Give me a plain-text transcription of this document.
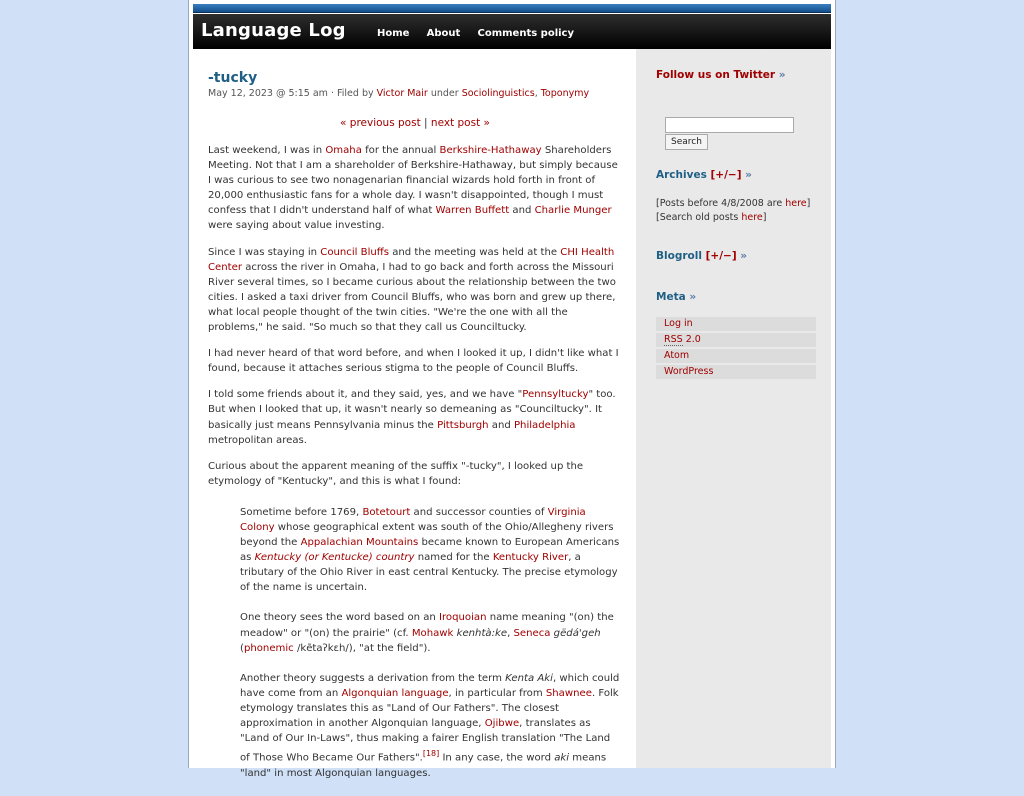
Language Log	Home About Comments policy
-tucky
May 12, 2023 @ 5:15 am · Filed by Victor Mair under Sociolinguistics, Toponymy
« previous post | next post »

Last weekend, I was in Omaha for the annual Berkshire-Hathaway Shareholders Meeting. Not that I am a shareholder of Berkshire-Hathaway, but simply because I was curious to see two nonagenarian financial wizards hold forth in front of 20,000 enthusiastic fans for a whole day. I wasn't disappointed, though I must confess that I didn't understand half of what Warren Buffett and Charlie Munger were saying about value investing.

Since I was staying in Council Bluffs and the meeting was held at the CHI Health Center across the river in Omaha, I had to go back and forth across the Missouri River several times, so I became curious about the relationship between the two cities. I asked a taxi driver from Council Bluffs, who was born and grew up there, what local people thought of the twin cities. "We're the one with all the problems," he said. "So much so that they call us Counciltucky.

I had never heard of that word before, and when I looked it up, I didn't like what I found, because it attaches serious stigma to the people of Council Bluffs.

I told some friends about it, and they said, yes, and we have "Pennsyltucky" too. But when I looked that up, it wasn't nearly so demeaning as "Counciltucky". It basically just means Pennsylvania minus the Pittsburgh and Philadelphia metropolitan areas.

Curious about the apparent meaning of the suffix "-tucky", I looked up the etymology of "Kentucky", and this is what I found:

Sometime before 1769, Botetourt and successor counties of Virginia Colony whose geographical extent was south of the Ohio/Allegheny rivers beyond the Appalachian Mountains became known to European Americans as Kentucky (or Kentucke) country named for the Kentucky River, a tributary of the Ohio River in east central Kentucky. The precise etymology of the name is uncertain.

One theory sees the word based on an Iroquoian name meaning "(on) the meadow" or "(on) the prairie" (cf. Mohawk kenhtà:ke, Seneca gëdá'geh (phonemic /kẽtaʔkɛh/), "at the field").

Another theory suggests a derivation from the term Kenta Aki, which could have come from an Algonquian language, in particular from Shawnee. Folk etymology translates this as "Land of Our Fathers". The closest approximation in another Algonquian language, Ojibwe, translates as "Land of Our In-Laws", thus making a fairer English translation "The Land of Those Who Became Our Fathers".[18] In any case, the word aki means "land" in most Algonquian languages.

Follow us on Twitter »
Search
Archives [+/−] »
[Posts before 4/8/2008 are here]
[Search old posts here]
Blogroll [+/−] »
Meta »
Log in
RSS 2.0
Atom
WordPress
